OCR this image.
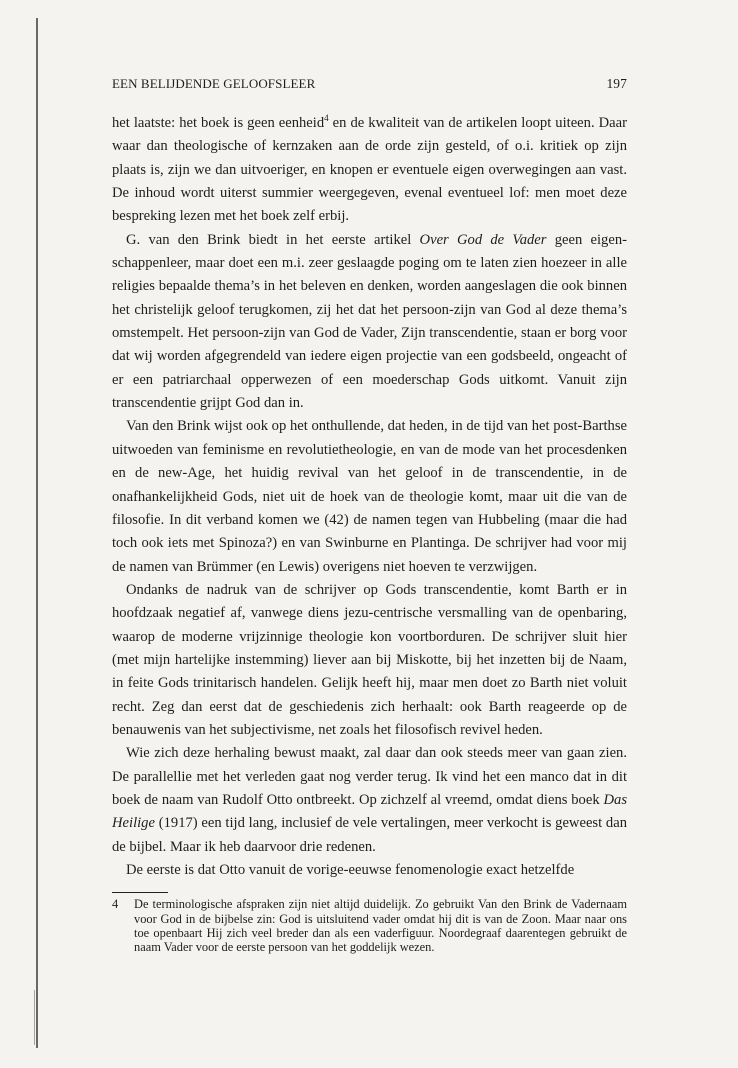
EEN BELIJDENDE GELOOFSLEER	197

het laatste: het boek is geen eenheid$^4$ en de kwaliteit van de artikelen loopt uiteen. Daar waar dan theologische of kernzaken aan de orde zijn gesteld, of o.i. kritiek op zijn plaats is, zijn we dan uitvoeriger, en knopen er eventuele eigen overwegingen aan vast. De inhoud wordt uiterst summier weergegeven, evenal eventueel lof: men moet deze bespreking lezen met het boek zelf erbij.

G. van den Brink biedt in het eerste artikel Over God de Vader geen eigenschappenleer, maar doet een m.i. zeer geslaagde poging om te laten zien hoezeer in alle religies bepaalde thema’s in het beleven en denken, worden aangeslagen die ook binnen het christelijk geloof terugkomen, zij het dat het persoon-zijn van God al deze thema’s omstempelt. Het persoon-zijn van God de Vader, Zijn transcendentie, staan er borg voor dat wij worden afgegrendeld van iedere eigen projectie van een godsbeeld, ongeacht of er een patriarchaal opperwezen of een moederschap Gods uitkomt. Vanuit zijn transcendentie grijpt God dan in.

Van den Brink wijst ook op het onthullende, dat heden, in de tijd van het post-Barthse uitwoeden van feminisme en revolutietheologie, en van de mode van het procesdenken en de new-Age, het huidig revival van het geloof in de transcendentie, in de onafhankelijkheid Gods, niet uit de hoek van de theologie komt, maar uit die van de filosofie. In dit verband komen we (42) de namen tegen van Hubbeling (maar die had toch ook iets met Spinoza?) en van Swinburne en Plantinga. De schrijver had voor mij de namen van Brümmer (en Lewis) overigens niet hoeven te verzwijgen.

Ondanks de nadruk van de schrijver op Gods transcendentie, komt Barth er in hoofdzaak negatief af, vanwege diens jezu-centrische versmalling van de openbaring, waarop de moderne vrijzinnige theologie kon voortborduren. De schrijver sluit hier (met mijn hartelijke instemming) liever aan bij Miskotte, bij het inzetten bij de Naam, in feite Gods trinitarisch handelen. Gelijk heeft hij, maar men doet zo Barth niet voluit recht. Zeg dan eerst dat de geschiedenis zich herhaalt: ook Barth reageerde op de benauwenis van het subjectivisme, net zoals het filosofisch revivel heden.

Wie zich deze herhaling bewust maakt, zal daar dan ook steeds meer van gaan zien. De parallellie met het verleden gaat nog verder terug. Ik vind het een manco dat in dit boek de naam van Rudolf Otto ontbreekt. Op zichzelf al vreemd, omdat diens boek Das Heilige (1917) een tijd lang, inclusief de vele vertalingen, meer verkocht is geweest dan de bijbel. Maar ik heb daarvoor drie redenen.

De eerste is dat Otto vanuit de vorige-eeuwse fenomenologie exact hetzelfde

4	De terminologische afspraken zijn niet altijd duidelijk. Zo gebruikt Van den Brink de Vadernaam voor God in de bijbelse zin: God is uitsluitend vader omdat hij dit is van de Zoon. Maar naar ons toe openbaart Hij zich veel breder dan als een vaderfiguur. Noordegraaf daarentegen gebruikt de naam Vader voor de eerste persoon van het goddelijk wezen.
